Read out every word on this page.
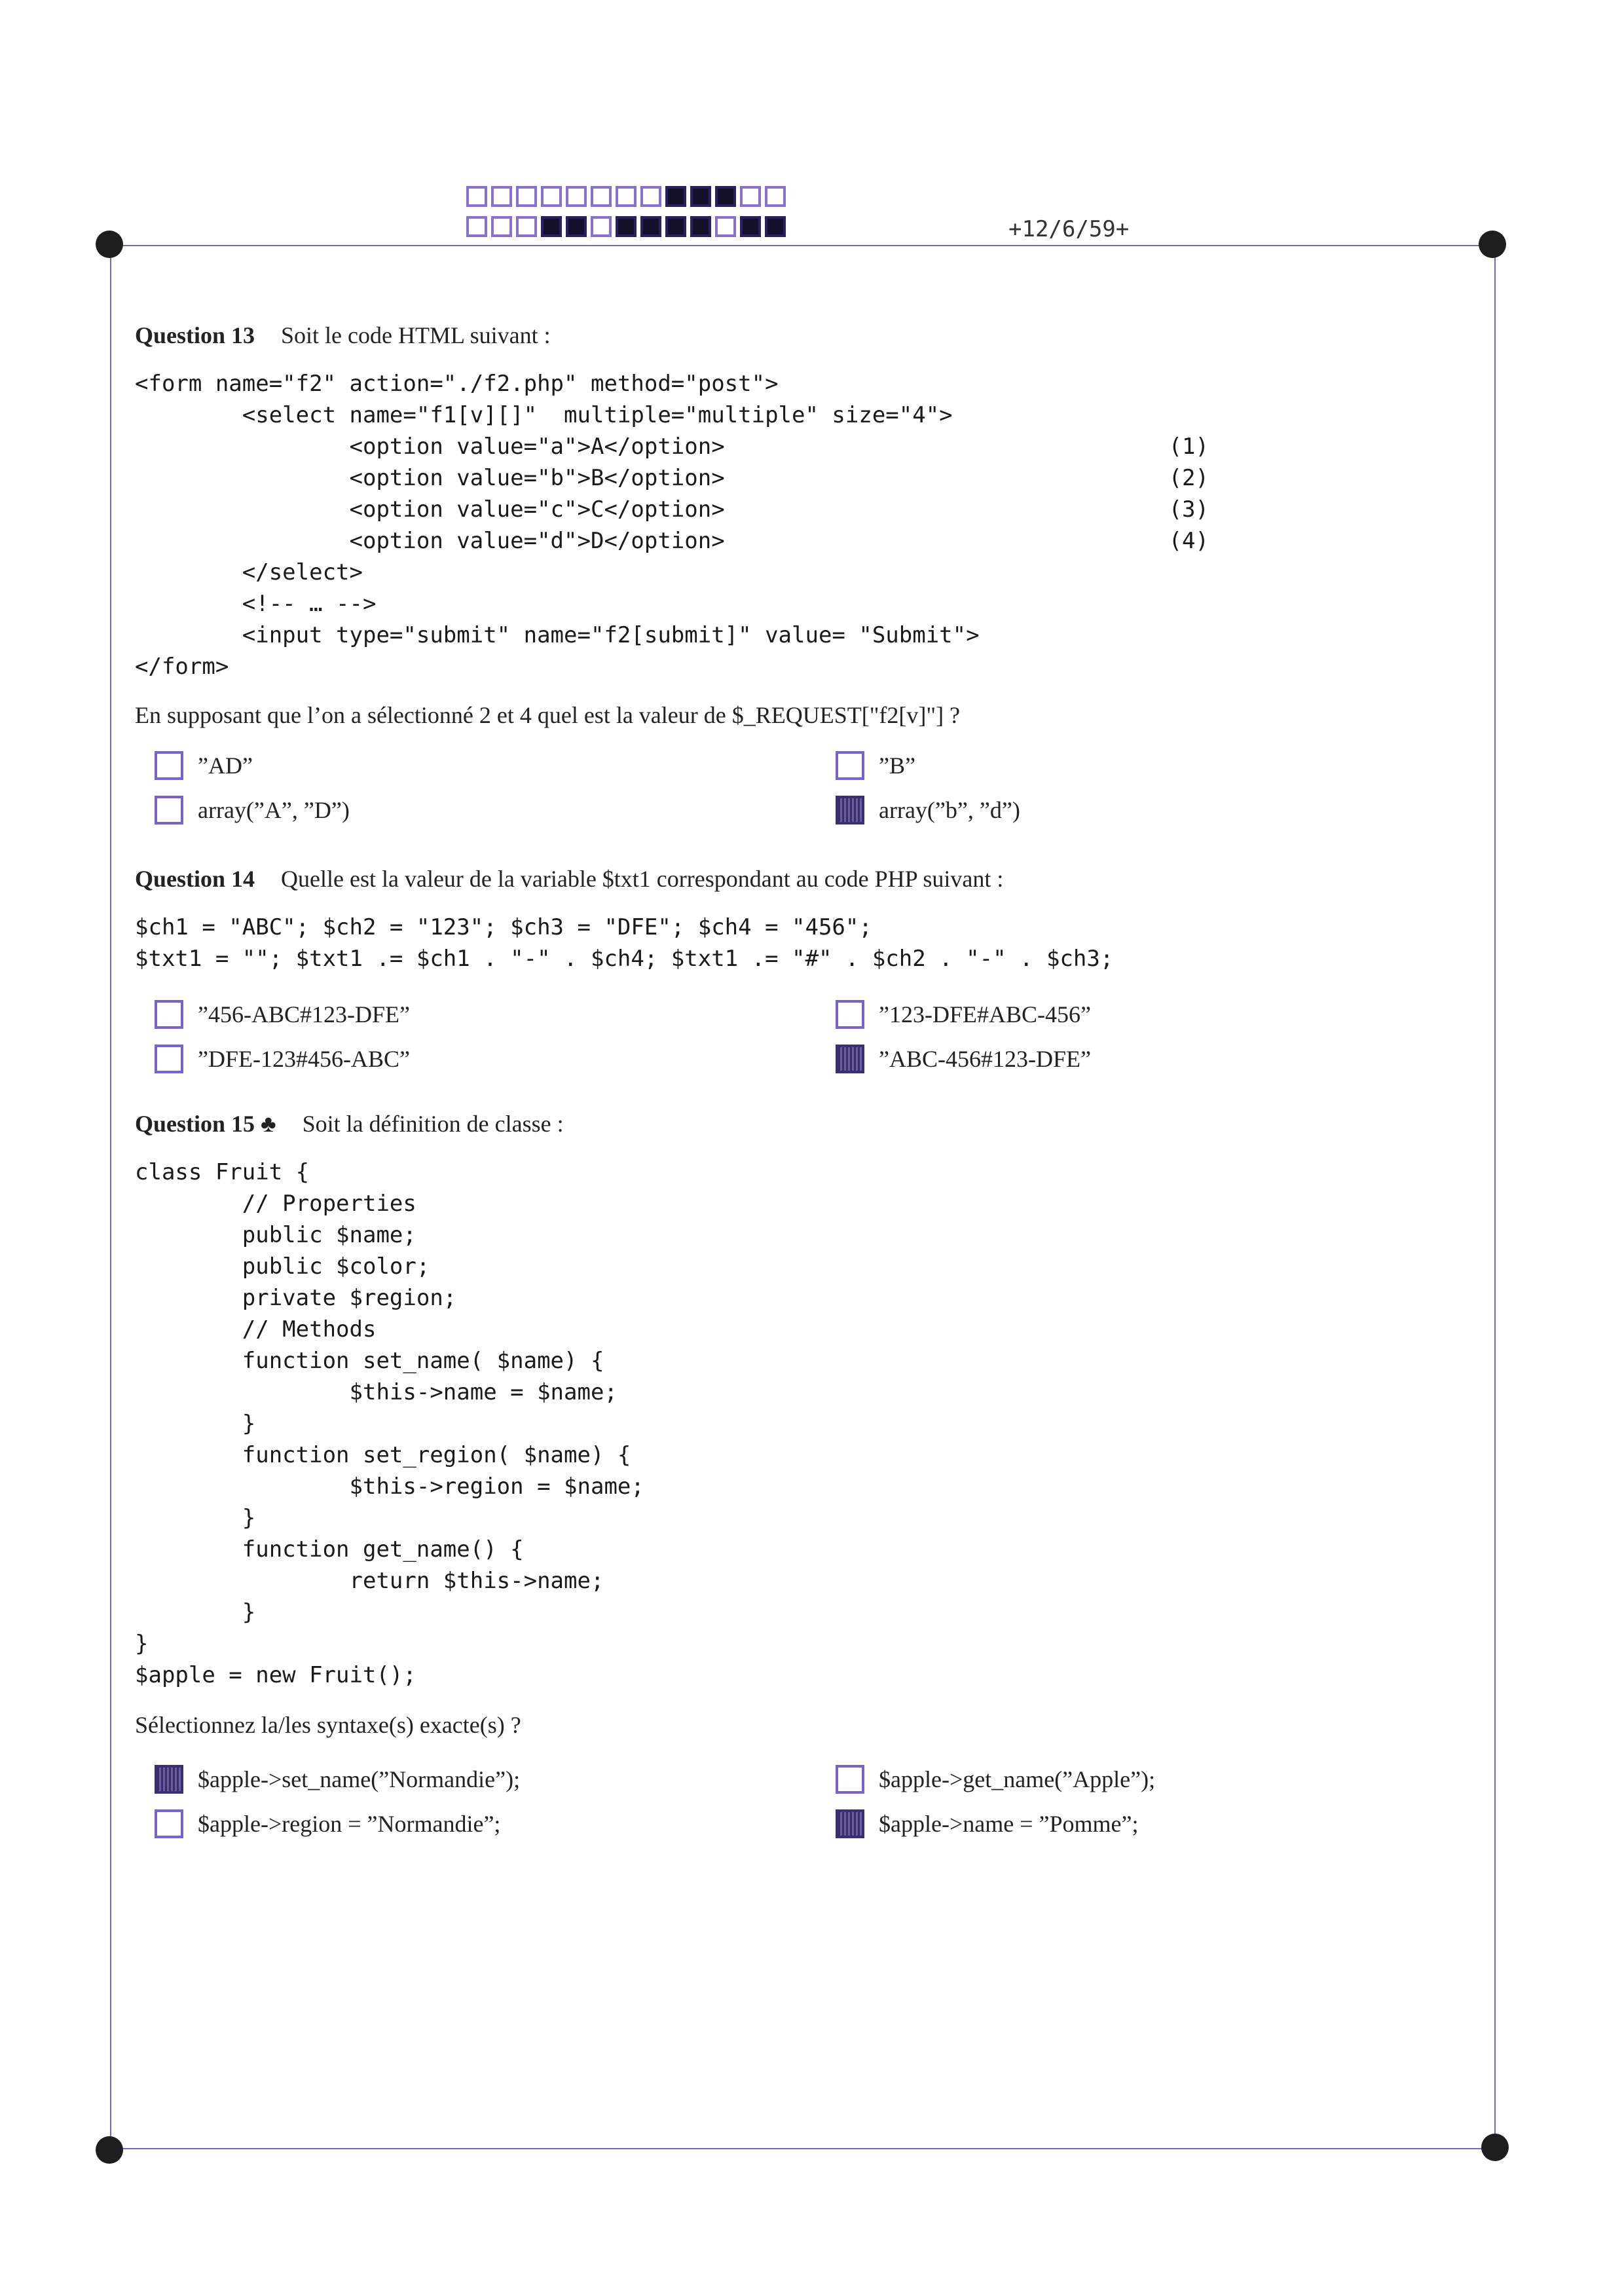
+12/6/59+

Question 13 Soit le code HTML suivant :

<form name="f2" action="./f2.php" method="post">
<select name="f1[v][]"  multiple="multiple" size="4">
<option value="a">A</option>	(1)
<option value="b">B</option>	(2)
<option value="c">C</option>	(3)
<option value="d">D</option>	(4)
</select>
<!-- … -->
<input type="submit" name="f2[submit]" value= "Submit">
</form>

En supposant que l’on a sélectionné 2 et 4 quel est la valeur de $_REQUEST["f2[v]"] ?

”AD”	”B”
array(”A”, ”D”)	array(”b”, ”d”)

Question 14 Quelle est la valeur de la variable $txt1 correspondant au code PHP suivant :

$ch1 = "ABC"; $ch2 = "123"; $ch3 = "DFE"; $ch4 = "456";
$txt1 = ""; $txt1 .= $ch1 . "-" . $ch4; $txt1 .= "#" . $ch2 . "-" . $ch3;
”456-ABC#123-DFE”	”123-DFE#ABC-456”
”DFE-123#456-ABC”	”ABC-456#123-DFE”

Question 15 ♣ Soit la définition de classe :

class Fruit {
// Properties
public $name;
public $color;
private $region;
// Methods
function set_name( $name) {
$this->name = $name;
}
function set_region( $name) {
$this->region = $name;
}
function get_name() {
return $this->name;
}
}
$apple = new Fruit();

Sélectionnez la/les syntaxe(s) exacte(s) ?

$apple->set_name(”Normandie”);	$apple->get_name(”Apple”);
$apple->region = ”Normandie”;	$apple->name = ”Pomme”;
